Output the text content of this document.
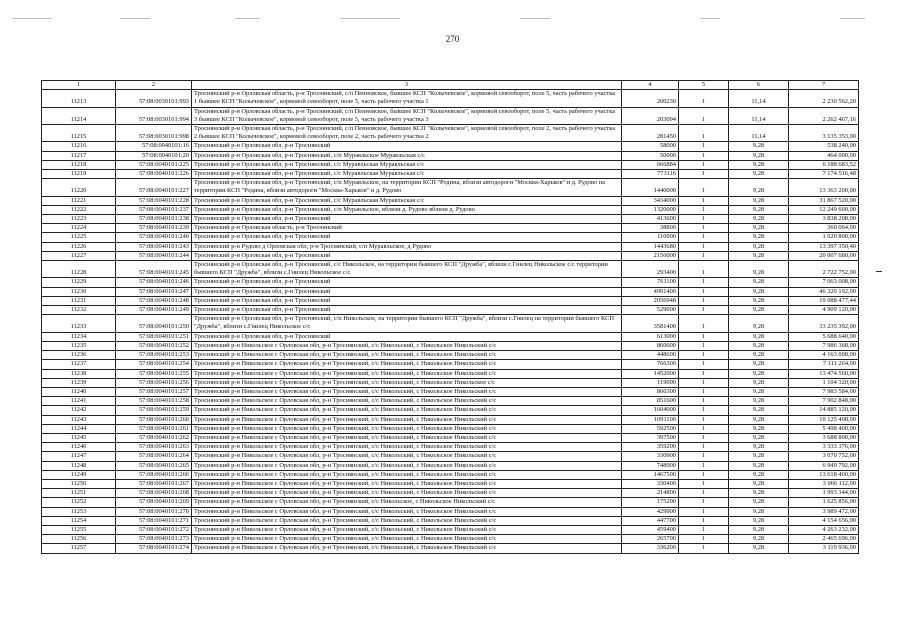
270
1	2	3	4	5	6	7
11213	57:08:0030101:993	Троснянский р-н Орловская область, р-н Троснянский, с/п Пенновское, бывшее КСП "Колычевское", кормовой севооборот, поле 5, часть рабочего участка 1 бывшее КСП "Колычевское", кормовой севооборот, поле 5, часть рабочего участка 1	200230	1	11,14	2 230 562,20
11214	57:08:0030101:994	Троснянский р-н Орловская область, р-н Троснянский, с/п Пенновское, бывшее КСП "Колычевское", кормовой севооборот, поле 5, часть рабочего участка 3 бывшее КСП "Колычевское", кормовой севооборот, поле 5, часть рабочего участка 3	203094	1	11,14	2 262 467,16
11215	57:08:0030101:998	Троснянский р-н Орловская область, р-н Троснянский, с/п Пенновское, бывшее КСП "Колычевское", кормовой севооборот, поле 2, часть рабочего участка 2 бывшее КСП "Колычевское", кормовой севооборот, поле 2, часть рабочего участка 2	281450	1	11,14	3 135 353,00
11216	57:08:0040101:16	Троснянский р-н Орловская обл, р-н Троснянский	58000	1	9,28	538 240,00
11217	57:08:0040101:20	Троснянский р-н Орловская обл, р-н Троснянский, с/п Муравльское Муравльская с/с	50000	1	9,28	464 000,00
11218	57:08:0040101:225	Троснянский р-н Орловская обл, р-н Троснянский, с/с Муравльская Муравльская с/с	666884	1	9,28	6 188 683,52
11219	57:08:0040101:226	Троснянский р-н Орловская обл, р-н Троснянский, с/с Муравльская Муравльская с/с	773116	1	9,28	7 174 516,48
11220	57:08:0040101:227	Троснянский р-н Орловская обл, р-н Троснянский, с/п Муравльское, на территории КСП "Родина, вблизи автодороги "Москва-Харьков" и д. Рудово на территории КСП "Родина, вблизи автодороги "Москва-Харьков" и д. Рудово	1440000	1	9,28	13 363 200,00
11221	57:08:0040101:228	Троснянский р-н Орловская обл, р-н Троснянский, с/с Муравльская Муравльская с/с	3434000	1	9,28	31 867 520,00
11222	57:08:0040101:237	Троснянский р-н Орловская обл, р-н Троснянский, с/п Муравльское, вблизи д. Рудово вблизи д. Рудово	1320000	1	9,28	12 249 600,00
11223	57:08:0040101:238	Троснянский р-н Орловская обл, р-н Троснянский	413600	1	9,28	3 838 208,00
11224	57:08:0040101:239	Троснянский р-н Орловская область, р-н Троснянский	38800	1	9,28	360 064,00
11225	57:08:0040101:240	Троснянский р-н Орловская обл, р-н Троснянский	110000	1	9,28	1 020 800,00
11226	57:08:0040101:243	Троснянский р-н Рудово д Орловская обл, р-н Троснянский, с/п Муравльское, д Рудово	1443680	1	9,28	13 397 350,40
11227	57:08:0040101:244	Троснянский р-н Орловская обл, р-н Троснянский	2156000	1	9,28	20 007 680,00
11228	57:08:0040101:245	Троснянский р-н Орловская обл, р-н Троснянский, с/с Никольское, на территории бывшего КСП "Дружба", вблизи с.Гнилец Никольское с/с территории бывшего КСП "Дружба", вблизи с.Гнилец Никольское с/с	293400	1	9,28	2 722 752,00
11229	57:08:0040101:246	Троснянский р-н Орловская обл, р-н Троснянский	761100	1	9,28	7 063 008,00
11230	57:08:0040101:247	Троснянский р-н Орловская обл, р-н Троснянский	4991400	1	9,28	46 320 192,00
11231	57:08:0040101:248	Троснянский р-н Орловская обл, р-н Троснянский	2056948	1	9,28	19 088 477,44
11232	57:08:0040101:249	Троснянский р-н Орловская обл, р-н Троснянский	529000	1	9,28	4 909 120,00
11233	57:08:0040101:250	Троснянский р-н Орловская обл, р-н Троснянский, с/п Никольское, на территории бывшего КСП "Дружба", вблизи с.Гнилец на территории бывшего КСП "Дружба", вблизи с.Гнилец Никольское с/с	3581400	1	9,28	33 235 392,00
11234	57:08:0040101:251	Троснянский р-н Орловская обл, р-н Троснянский	613000	1	9,28	5 688 640,00
11235	57:08:0040101:252	Троснянский р-н Никольское с Орловская обл, р-н Троснянский, с/с Никольский, с Никольское Никольский с/с	860600	1	9,28	7 986 368,00
11236	57:08:0040101:253	Троснянский р-н Никольское с Орловская обл, р-н Троснянский, с/с Никольский, с Никольское Никольский с/с	448600	1	9,28	4 163 008,00
11237	57:08:0040101:254	Троснянский р-н Никольское с Орловская обл, р-н Троснянский, с/с Никольский, с Никольское Никольский с/с	766300	1	9,28	7 111 264,00
11238	57:08:0040101:255	Троснянский р-н Никольское с Орловская обл, р-н Троснянский, с/с Никольский, с Никольское Никольский с/с	1452000	1	9,28	13 474 560,00
11239	57:08:0040101:256	Троснянский р-н Никольское с Орловская обл, р-н Троснянский, с/с Никольский, с Никольское Никольское с/с	119000	1	9,28	1 104 320,00
11240	57:08:0040101:257	Троснянский р-н Никольское с Орловская обл, р-н Троснянский, с/с Никольский, с Никольское Никольский с/с	860300	1	9,28	7 983 584,00
11241	57:08:0040101:258	Троснянский р-н Никольское с Орловская обл, р-н Троснянский, с/с Никольский, с Никольское Никольский с/с	851600	1	9,28	7 902 848,00
11242	57:08:0040101:259	Троснянский р-н Никольское с Орловская обл, р-н Троснянский, с/с Никольский, с Никольское Никольский с/с	1604000	1	9,28	14 885 120,00
11243	57:08:0040101:260	Троснянский р-н Никольское с Орловская обл, р-н Троснянский, с/с Никольский, с Никольское Никольский с/с	1091100	1	9,28	10 125 408,00
11244	57:08:0040101:261	Троснянский р-н Никольское с Орловская обл, р-н Троснянский, с/с Никольский, с Никольское Никольский с/с	592500	1	9,28	5 498 400,00
11245	57:08:0040101:262	Троснянский р-н Никольское с Орловская обл, р-н Троснянский, с/с Никольский, с Никольское Никольский с/с	397500	1	9,28	3 688 800,00
11246	57:08:0040101:263	Троснянский р-н Никольское с Орловская обл, р-н Троснянский, с/с Никольский, с Никольское Никольский с/с	359200	1	9,28	3 333 376,00
11247	57:08:0040101:264	Троснянский р-н Никольское с Орловская обл, р-н Троснянский, с/с Никольский, с Никольское Никольский с/с	330900	1	9,28	3 070 752,00
11248	57:08:0040101:265	Троснянский р-н Никольское с Орловская обл, р-н Троснянский, с/с Никольский, с Никольское Никольский с/с	748900	1	9,28	6 949 792,00
11249	57:08:0040101:266	Троснянский р-н Никольское с Орловская обл, р-н Троснянский, с/с Никольский, с Никольское Никольский с/с	1467500	1	9,28	13 618 400,00
11250	57:08:0040101:267	Троснянский р-н Никольское с Орловская обл, р-н Троснянский, с/с Никольский, с Никольское Никольский с/с	330400	1	9,28	3 066 112,00
11251	57:08:0040101:268	Троснянский р-н Никольское с Орловская обл, р-н Троснянский, с/с Никольский, с Никольское Никольский с/с	214800	1	9,28	1 993 344,00
11252	57:08:0040101:269	Троснянский р-н Никольское с Орловская обл, р-н Троснянский, с/с Никольское, с Никольское Никольский с/с	175200	1	9,28	1 625 856,00
11253	57:08:0040101:270	Троснянский р-н Никольское с Орловская обл, р-н Троснянский, с/с Никольский, с Никольское Никольский с/с	429900	1	9,28	3 989 472,00
11254	57:08:0040101:271	Троснянский р-н Никольское с Орловская обл, р-н Троснянский, с/с Никольский, с Никольское Никольский с/с	447700	1	9,28	4 154 656,00
11255	57:08:0040101:272	Троснянский р-н Никольское с Орловская обл, р-н Троснянский, с/с Никольский, с Никольское Никольский с/с	459400	1	9,28	4 263 232,00
11256	57:08:0040101:273	Троснянский р-н Никольское с Орловская обл, р-н Троснянский, с/с Никольский, с Никольское Никольский с/с	265700	1	9,28	2 465 696,00
11257	57:08:0040101:274	Троснянский р-н Никольское с Орловская обл, р-н Троснянский, с/с Никольский, с Никольское Никольский с/с	336200	1	9,28	3 119 936,00
